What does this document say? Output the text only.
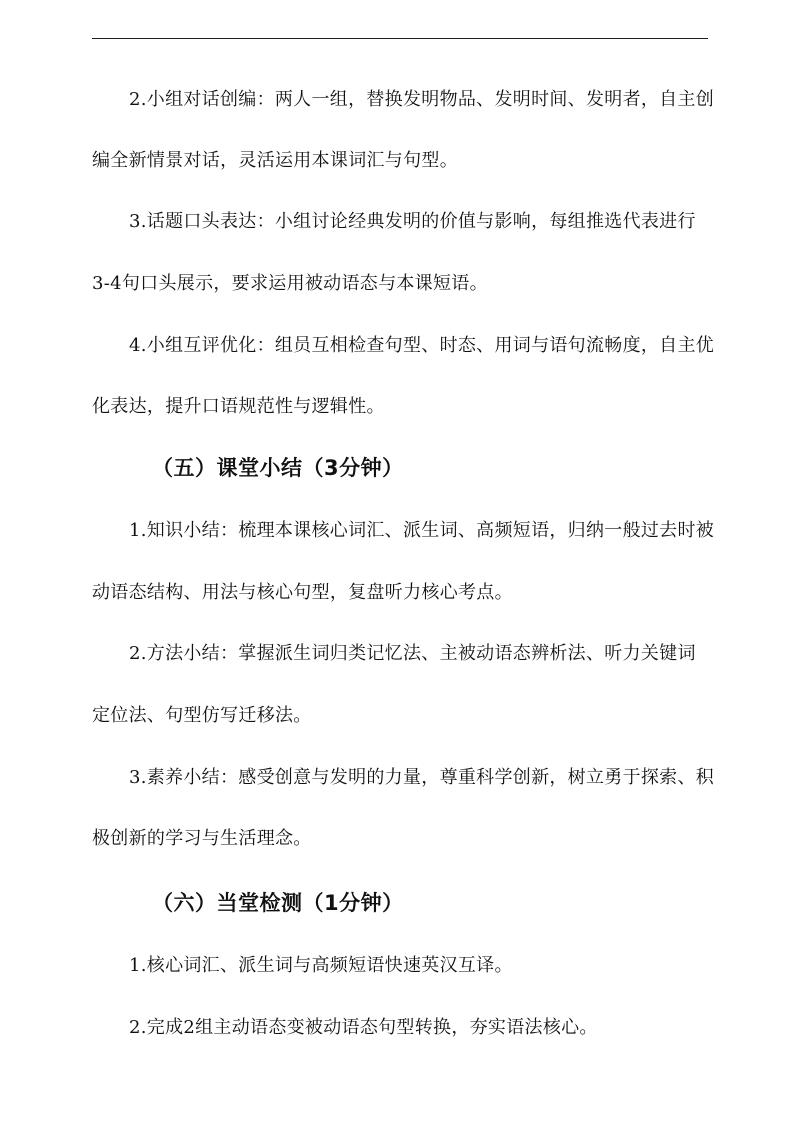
2.小组对话创编：两人一组，替换发明物品、发明时间、发明者，自主创
编全新情景对话，灵活运用本课词汇与句型。
3.话题口头表达：小组讨论经典发明的价值与影响，每组推选代表进行
3-4句口头展示，要求运用被动语态与本课短语。
4.小组互评优化：组员互相检查句型、时态、用词与语句流畅度，自主优
化表达，提升口语规范性与逻辑性。
（五）课堂小结（3分钟）
1.知识小结：梳理本课核心词汇、派生词、高频短语，归纳一般过去时被
动语态结构、用法与核心句型，复盘听力核心考点。
2.方法小结：掌握派生词归类记忆法、主被动语态辨析法、听力关键词
定位法、句型仿写迁移法。
3.素养小结：感受创意与发明的力量，尊重科学创新，树立勇于探索、积
极创新的学习与生活理念。
（六）当堂检测（1分钟）
1.核心词汇、派生词与高频短语快速英汉互译。
2.完成2组主动语态变被动语态句型转换，夯实语法核心。
